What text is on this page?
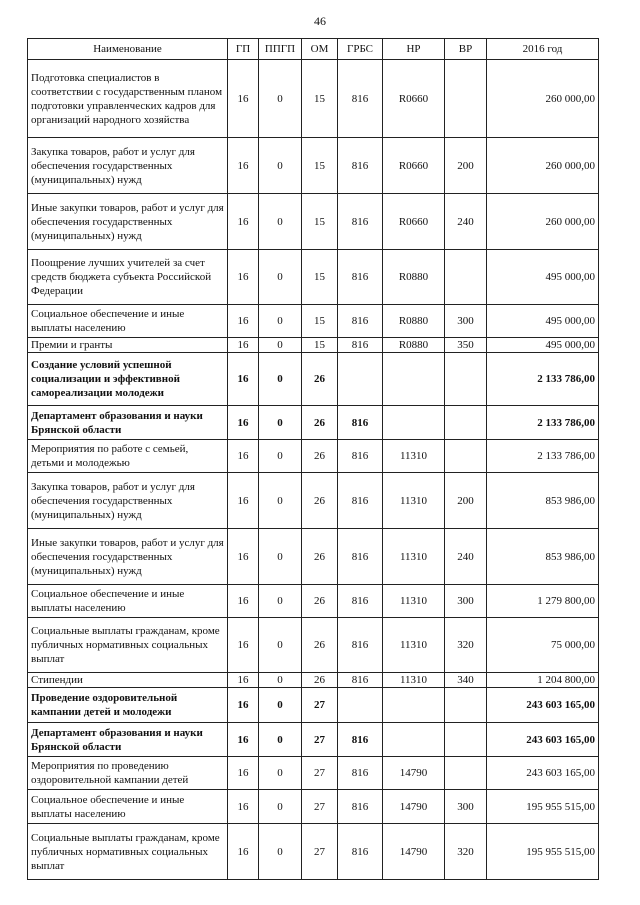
46
Наименование	ГП	ППГП	ОМ	ГРБС	НР	ВР	2016 год
Подготовка специалистов в соответствии с государственным планом подготовки управленческих кадров для организаций народного хозяйства	16	0	15	816	R0660		260 000,00
Закупка товаров, работ и услуг для обеспечения государственных (муниципальных) нужд	16	0	15	816	R0660	200	260 000,00
Иные закупки товаров, работ и услуг для обеспечения государственных (муниципальных) нужд	16	0	15	816	R0660	240	260 000,00
Поощрение лучших учителей за счет средств бюджета субъекта Российской Федерации	16	0	15	816	R0880		495 000,00
Социальное обеспечение и иные выплаты населению	16	0	15	816	R0880	300	495 000,00
Премии и гранты	16	0	15	816	R0880	350	495 000,00
Создание условий успешной социализации и эффективной самореализации молодежи	16	0	26				2 133 786,00
Департамент образования и науки Брянской области	16	0	26	816			2 133 786,00
Мероприятия по работе с семьей, детьми и молодежью	16	0	26	816	11310		2 133 786,00
Закупка товаров, работ и услуг для обеспечения государственных (муниципальных) нужд	16	0	26	816	11310	200	853 986,00
Иные закупки товаров, работ и услуг для обеспечения государственных (муниципальных) нужд	16	0	26	816	11310	240	853 986,00
Социальное обеспечение и иные выплаты населению	16	0	26	816	11310	300	1 279 800,00
Социальные выплаты гражданам, кроме публичных нормативных социальных выплат	16	0	26	816	11310	320	75 000,00
Стипендии	16	0	26	816	11310	340	1 204 800,00
Проведение оздоровительной кампании детей и молодежи	16	0	27				243 603 165,00
Департамент образования и науки Брянской области	16	0	27	816			243 603 165,00
Мероприятия по проведению оздоровительной кампании детей	16	0	27	816	14790		243 603 165,00
Социальное обеспечение и иные выплаты населению	16	0	27	816	14790	300	195 955 515,00
Социальные выплаты гражданам, кроме публичных нормативных социальных выплат	16	0	27	816	14790	320	195 955 515,00
